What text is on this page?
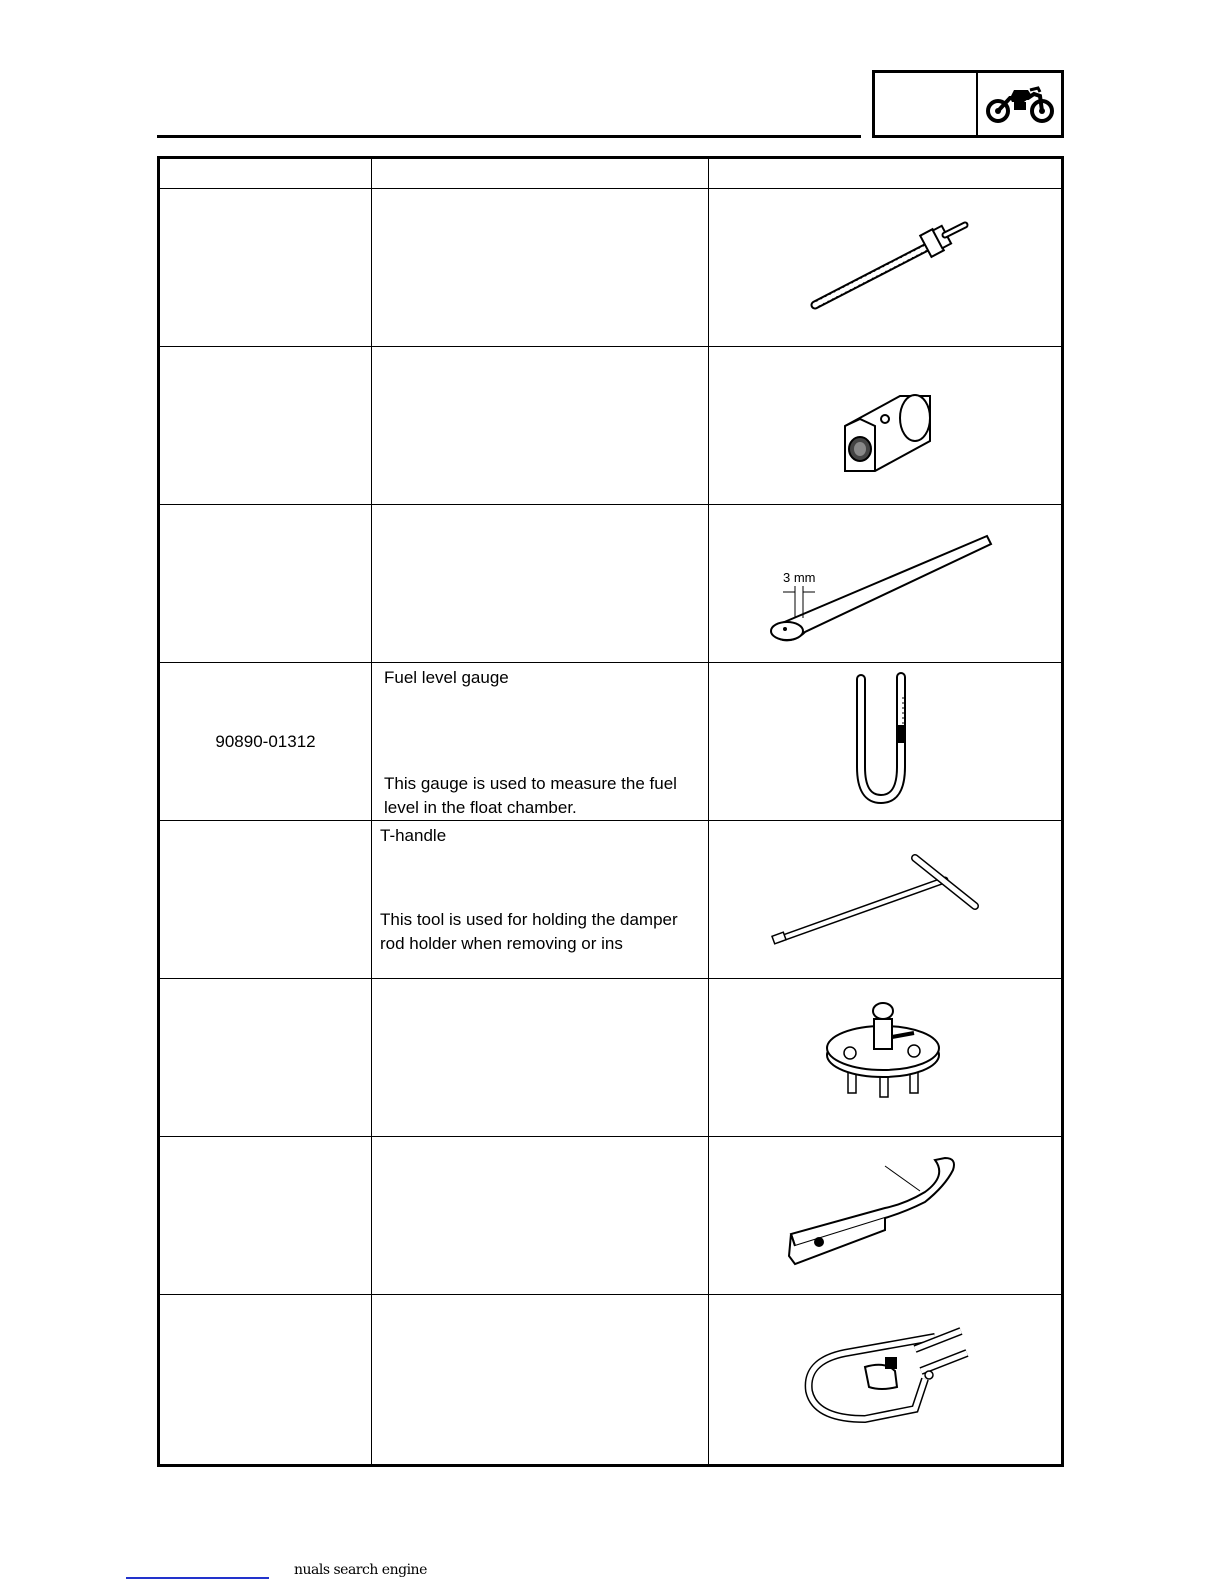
3 mm
90890-01312
Fuel level gauge
This gauge is used to measure the fuel level in the float chamber.
T-handle
This tool is used for holding the damper rod holder when removing or ins
nuals search engine
